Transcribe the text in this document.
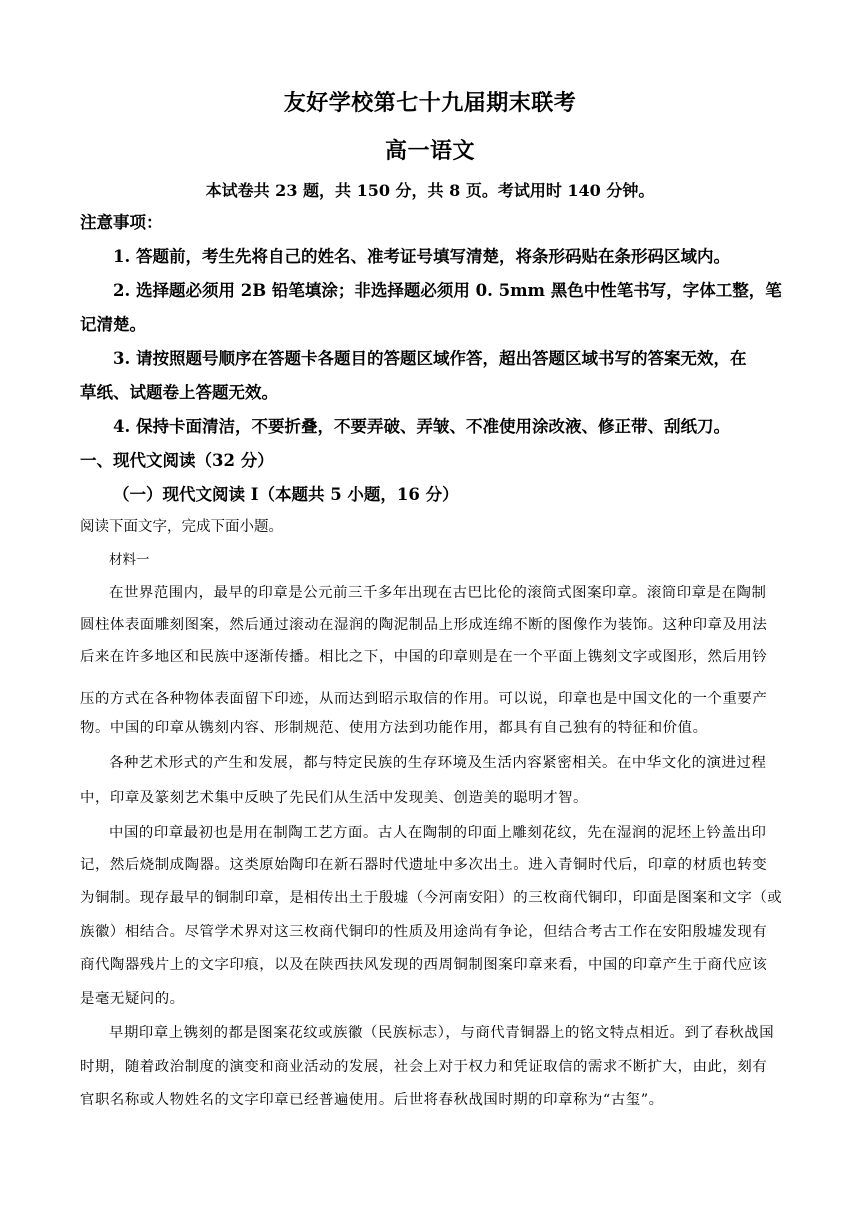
友好学校第七十九届期末联考
高一语文
本试卷共 23 题，共 150 分，共 8 页。考试用时 140 分钟。
注意事项：
1. 答题前，考生先将自己的姓名、准考证号填写清楚，将条形码贴在条形码区域内。
2. 选择题必须用 2B 铅笔填涂；非选择题必须用 0. 5mm 黑色中性笔书写，字体工整，笔
记清楚。
3. 请按照题号顺序在答题卡各题目的答题区域作答，超出答题区域书写的答案无效，在
草纸、试题卷上答题无效。
4. 保持卡面清洁，不要折叠，不要弄破、弄皱、不准使用涂改液、修正带、刮纸刀。
一、现代文阅读（32 分）
（一）现代文阅读 I（本题共 5 小题，16 分）
阅读下面文字，完成下面小题。
材料一
在世界范围内，最早的印章是公元前三千多年出现在古巴比伦的滚筒式图案印章。滚筒印章是在陶制
圆柱体表面雕刻图案，然后通过滚动在湿润的陶泥制品上形成连绵不断的图像作为装饰。这种印章及用法
后来在许多地区和民族中逐渐传播。相比之下，中国的印章则是在一个平面上镌刻文字或图形，然后用钤
压的方式在各种物体表面留下印迹，从而达到昭示取信的作用。可以说，印章也是中国文化的一个重要产
物。中国的印章从镌刻内容、形制规范、使用方法到功能作用，都具有自己独有的特征和价值。
各种艺术形式的产生和发展，都与特定民族的生存环境及生活内容紧密相关。在中华文化的演进过程
中，印章及篆刻艺术集中反映了先民们从生活中发现美、创造美的聪明才智。
中国的印章最初也是用在制陶工艺方面。古人在陶制的印面上雕刻花纹，先在湿润的泥坯上钤盖出印
记，然后烧制成陶器。这类原始陶印在新石器时代遗址中多次出土。进入青铜时代后，印章的材质也转变
为铜制。现存最早的铜制印章，是相传出土于殷墟（今河南安阳）的三枚商代铜印，印面是图案和文字（或
族徽）相结合。尽管学术界对这三枚商代铜印的性质及用途尚有争论，但结合考古工作在安阳殷墟发现有
商代陶器残片上的文字印痕，以及在陕西扶风发现的西周铜制图案印章来看，中国的印章产生于商代应该
是毫无疑问的。
早期印章上镌刻的都是图案花纹或族徽（民族标志），与商代青铜器上的铭文特点相近。到了春秋战国
时期，随着政治制度的演变和商业活动的发展，社会上对于权力和凭证取信的需求不断扩大，由此，刻有
官职名称或人物姓名的文字印章已经普遍使用。后世将春秋战国时期的印章称为“古玺”。
